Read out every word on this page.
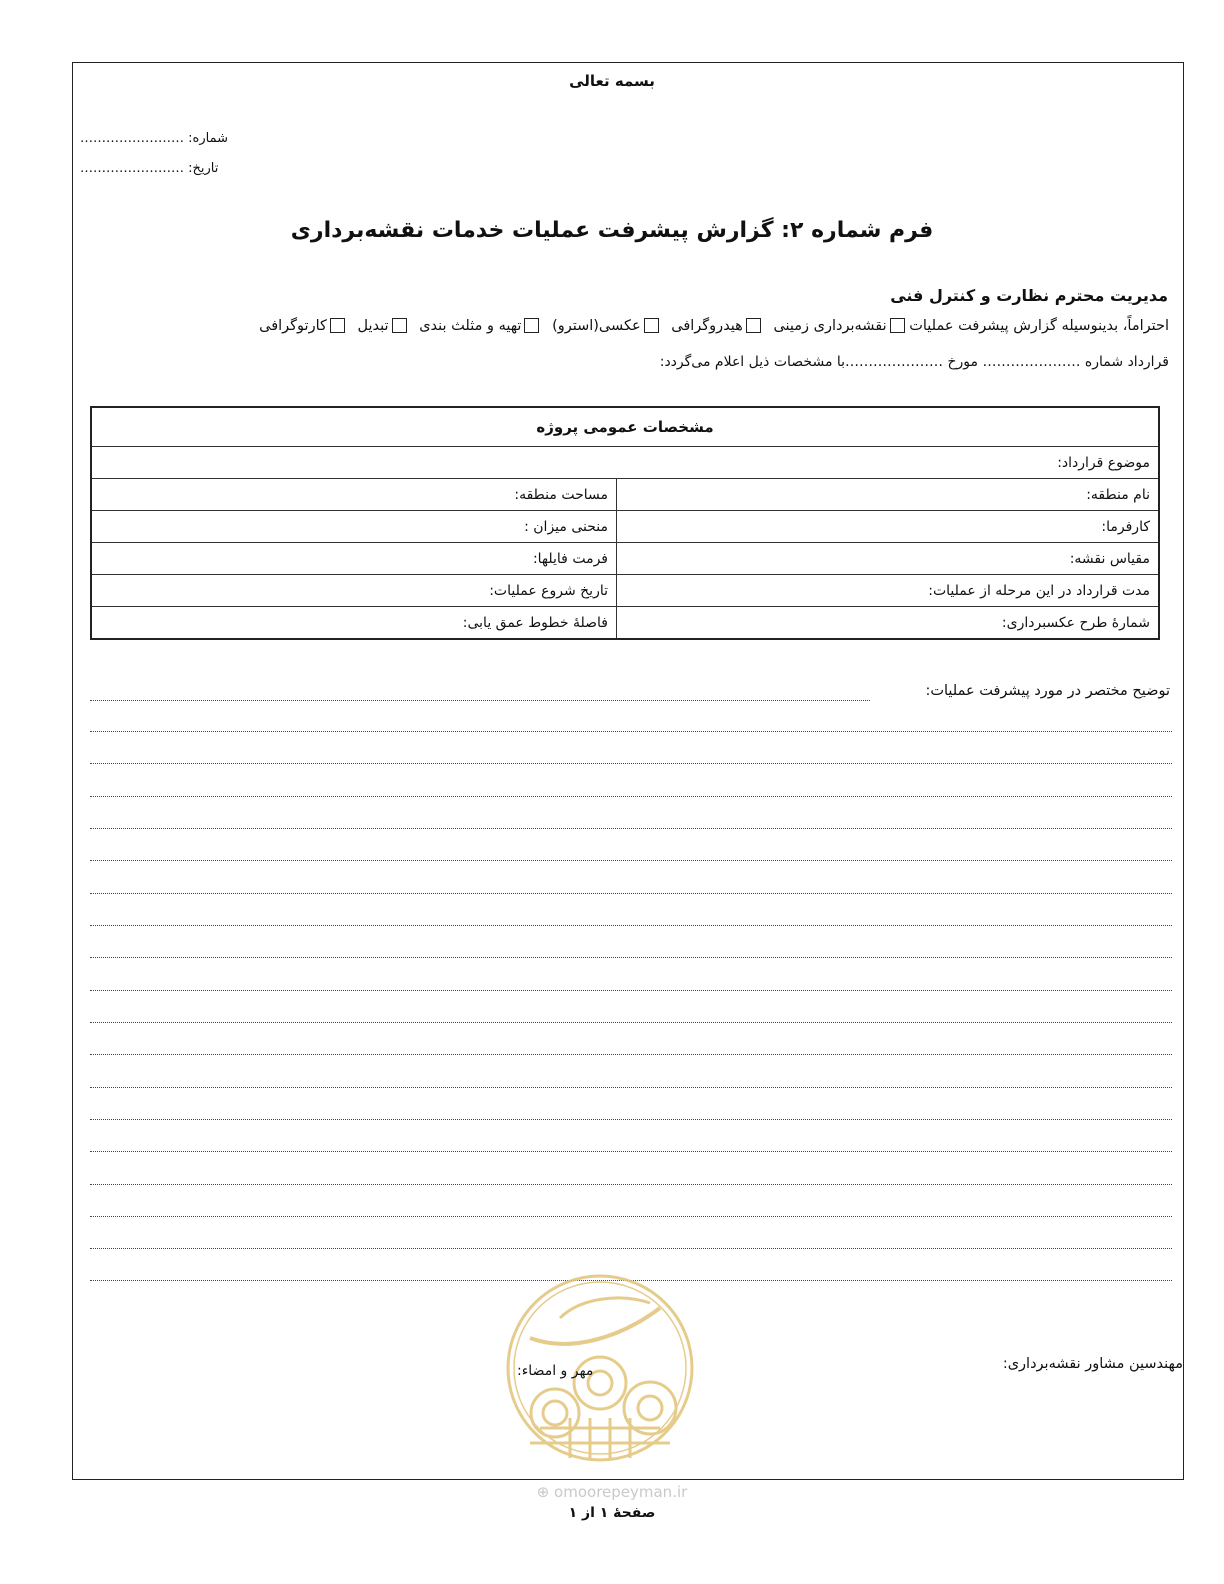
بسمه تعالی
…………………… شماره:
…………………… تاریخ:
فرم شماره ۲: گزارش پیشرفت عملیات خدمات نقشه‌برداری
مدیریت محترم نظارت و کنترل فنی
احتراماً، بدینوسیله گزارش پیشرفت عملیات نقشه‌برداری زمینی هیدروگرافی عکسی(استرو) تهیه و مثلث بندی تبدیل کارتوگرافی
قرارداد شماره ………………… مورخ …………………با مشخصات ذیل اعلام می‌گردد:
مشخصات عمومی پروژه	
موضوع قرارداد:	
نام منطقه:	مساحت منطقه:
کارفرما:	منحنی میزان :
مقیاس نقشه:	فرمت فایلها:
مدت قرارداد در این مرحله از عملیات:	تاریخ شروع عملیات:
شمارهٔ طرح عکسبرداری:	فاصلهٔ خطوط عمق یابی:
توضیح مختصر در مورد پیشرفت عملیات:
مهر و امضاء:	مهندسین مشاور نقشه‌برداری:
⊕ omoorepeyman.ir
صفحهٔ ۱ از ۱
